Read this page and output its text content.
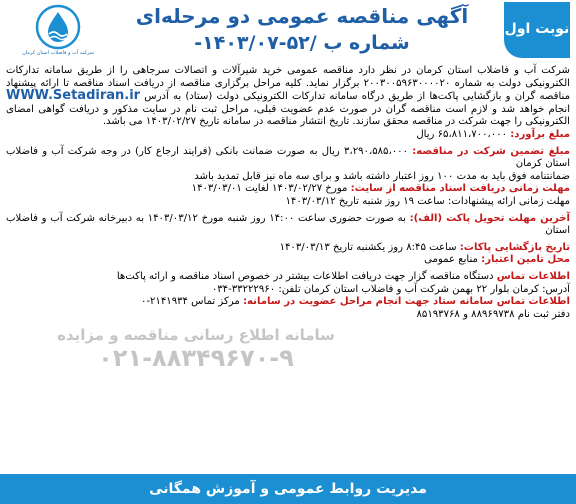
نوبت اول
آگهی مناقصه عمومی دو مرحله‌ای
شماره ب /۵۲-۱۴۰۳/۰۷-
شرکت آب و فاضلاب استان کرمان

شرکت آب و فاضلاب استان کرمان در نظر دارد مناقصه عمومی خرید شیرآلات و اتصالات سرجاهی را از طریق سامانه تدارکات الکترونیکی دولت به شماره ۲۰۰۳۰۰۵۹۶۳۰۰۰۰۲۰ برگزار نماید. کلیه مراحل برگزاری مناقصه از دریافت اسناد مناقصه تا ارائه پیشنهاد مناقصه گران و بازگشایی پاکت‌ها از طریق درگاه سامانه تدارکات الکترونیکی دولت (ستاد) به آدرس WWW.Setadiran.ir انجام خواهد شد و لازم است مناقصه گران در صورت عدم عضویت قبلی، مراحل ثبت نام در سایت مذکور و دریافت گواهی امضای الکترونیکی را جهت شرکت در مناقصه محقق سازند. تاریخ انتشار مناقصه در سامانه تاریخ ۱۴۰۳/۰۲/۲۷ می باشد.

مبلغ برآورد: ۶۵،۸۱۱،۷۰۰،۰۰۰ ریال

مبلغ تضمین شرکت در مناقصه: ۳،۲۹۰،۵۸۵،۰۰۰ ریال به صورت ضمانت بانکی (فرایند ارجاع کار) در وجه شرکت آب و فاضلاب استان کرمان

ضمانتنامه فوق باید به مدت ۱۰۰ روز اعتبار داشته باشد و برای سه ماه نیز قابل تمدید باشد

مهلت زمانی دریافت اسناد مناقصه از سایت: مورخ ۱۴۰۳/۰۲/۲۷ لغایت ۱۴۰۳/۰۳/۰۱

مهلت زمانی ارائه پیشنهادات: ساعت ۱۹ روز شنبه تاریخ ۱۴۰۳/۰۳/۱۲

آخرین مهلت تحویل پاکت (الف): به صورت حضوری ساعت ۱۴:۰۰ روز شنبه مورخ ۱۴۰۳/۰۳/۱۲ به دبیرخانه شرکت آب و فاضلاب استان

تاریخ بازگشایی پاکات: ساعت ۸:۴۵ روز یکشنبه تاریخ ۱۴۰۳/۰۳/۱۳

محل تامین اعتبار: منابع عمومی

اطلاعات تماس دستگاه مناقصه گزار جهت دریافت اطلاعات بیشتر در خصوص اسناد مناقصه و ارائه پاکت‌ها

آدرس: کرمان بلوار ۲۲ بهمن شرکت آب و فاضلاب استان کرمان تلفن: ۳۳۲۲۲۹۶۰-۰۳۴

اطلاعات تماس سامانه ستاد جهت انجام مراحل عضویت در سامانه: مرکز تماس ۲۱۴۱۹۳۴-۰

دفتر ثبت نام ۸۸۹۶۹۷۳۸ و ۸۵۱۹۳۷۶۸

سامانه اطلاع رسانی مناقصه و مزایده
۰۲۱-۸۸۳۴۹۶۷۰-۹
مدیریت روابط عمومی و آموزش همگانی
